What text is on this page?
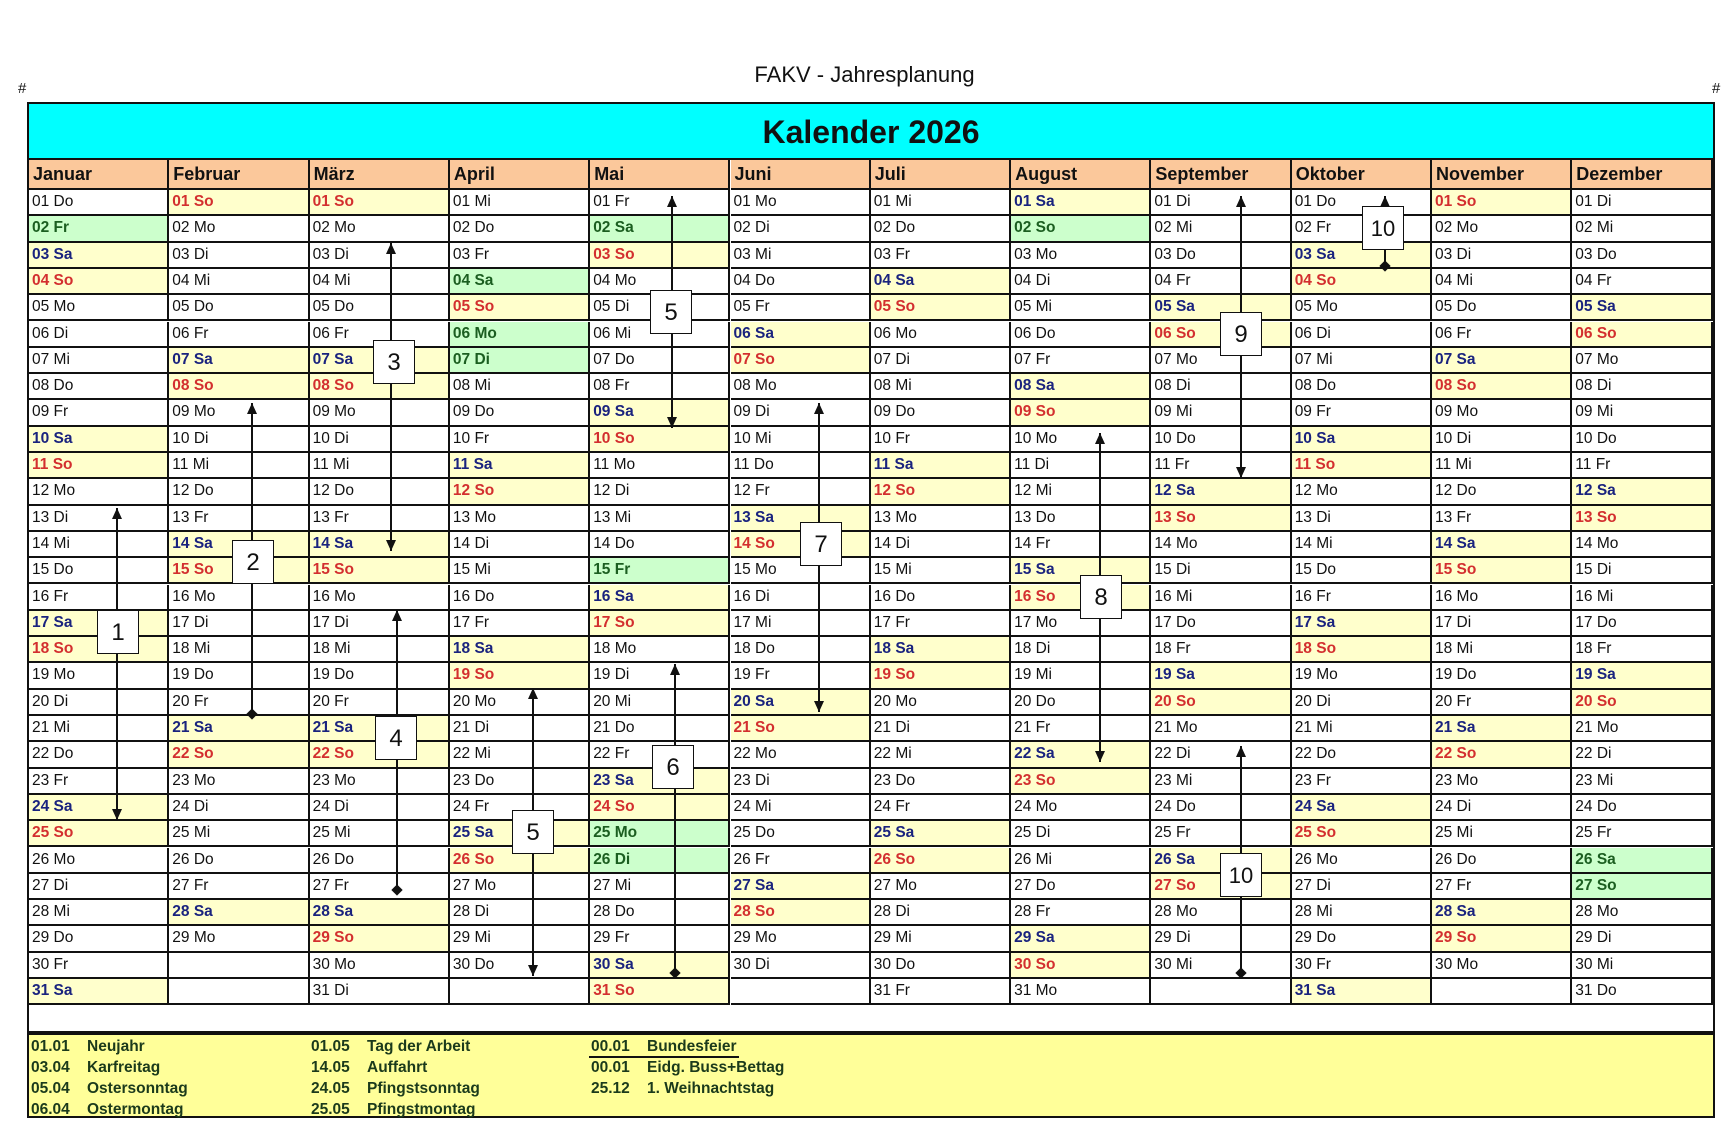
FAKV - Jahresplanung
#	#
Kalender 2026
Januar
01 Do
02 Fr
03 Sa
04 So
05 Mo
06 Di
07 Mi
08 Do
09 Fr
10 Sa
11 So
12 Mo
13 Di
14 Mi
15 Do
16 Fr
17 Sa
18 So
19 Mo
20 Di
21 Mi
22 Do
23 Fr
24 Sa
25 So
26 Mo
27 Di
28 Mi
29 Do
30 Fr
31 Sa
Februar
01 So
02 Mo
03 Di
04 Mi
05 Do
06 Fr
07 Sa
08 So
09 Mo
10 Di
11 Mi
12 Do
13 Fr
14 Sa
15 So
16 Mo
17 Di
18 Mi
19 Do
20 Fr
21 Sa
22 So
23 Mo
24 Di
25 Mi
26 Do
27 Fr
28 Sa
29 Mo
März
01 So
02 Mo
03 Di
04 Mi
05 Do
06 Fr
07 Sa
08 So
09 Mo
10 Di
11 Mi
12 Do
13 Fr
14 Sa
15 So
16 Mo
17 Di
18 Mi
19 Do
20 Fr
21 Sa
22 So
23 Mo
24 Di
25 Mi
26 Do
27 Fr
28 Sa
29 So
30 Mo
31 Di
April
01 Mi
02 Do
03 Fr
04 Sa
05 So
06 Mo
07 Di
08 Mi
09 Do
10 Fr
11 Sa
12 So
13 Mo
14 Di
15 Mi
16 Do
17 Fr
18 Sa
19 So
20 Mo
21 Di
22 Mi
23 Do
24 Fr
25 Sa
26 So
27 Mo
28 Di
29 Mi
30 Do
Mai
01 Fr
02 Sa
03 So
04 Mo
05 Di
06 Mi
07 Do
08 Fr
09 Sa
10 So
11 Mo
12 Di
13 Mi
14 Do
15 Fr
16 Sa
17 So
18 Mo
19 Di
20 Mi
21 Do
22 Fr
23 Sa
24 So
25 Mo
26 Di
27 Mi
28 Do
29 Fr
30 Sa
31 So
Juni
01 Mo
02 Di
03 Mi
04 Do
05 Fr
06 Sa
07 So
08 Mo
09 Di
10 Mi
11 Do
12 Fr
13 Sa
14 So
15 Mo
16 Di
17 Mi
18 Do
19 Fr
20 Sa
21 So
22 Mo
23 Di
24 Mi
25 Do
26 Fr
27 Sa
28 So
29 Mo
30 Di
Juli
01 Mi
02 Do
03 Fr
04 Sa
05 So
06 Mo
07 Di
08 Mi
09 Do
10 Fr
11 Sa
12 So
13 Mo
14 Di
15 Mi
16 Do
17 Fr
18 Sa
19 So
20 Mo
21 Di
22 Mi
23 Do
24 Fr
25 Sa
26 So
27 Mo
28 Di
29 Mi
30 Do
31 Fr
August
01 Sa
02 So
03 Mo
04 Di
05 Mi
06 Do
07 Fr
08 Sa
09 So
10 Mo
11 Di
12 Mi
13 Do
14 Fr
15 Sa
16 So
17 Mo
18 Di
19 Mi
20 Do
21 Fr
22 Sa
23 So
24 Mo
25 Di
26 Mi
27 Do
28 Fr
29 Sa
30 So
31 Mo
September
01 Di
02 Mi
03 Do
04 Fr
05 Sa
06 So
07 Mo
08 Di
09 Mi
10 Do
11 Fr
12 Sa
13 So
14 Mo
15 Di
16 Mi
17 Do
18 Fr
19 Sa
20 So
21 Mo
22 Di
23 Mi
24 Do
25 Fr
26 Sa
27 So
28 Mo
29 Di
30 Mi
Oktober
01 Do
02 Fr
03 Sa
04 So
05 Mo
06 Di
07 Mi
08 Do
09 Fr
10 Sa
11 So
12 Mo
13 Di
14 Mi
15 Do
16 Fr
17 Sa
18 So
19 Mo
20 Di
21 Mi
22 Do
23 Fr
24 Sa
25 So
26 Mo
27 Di
28 Mi
29 Do
30 Fr
31 Sa
November
01 So
02 Mo
03 Di
04 Mi
05 Do
06 Fr
07 Sa
08 So
09 Mo
10 Di
11 Mi
12 Do
13 Fr
14 Sa
15 So
16 Mo
17 Di
18 Mi
19 Do
20 Fr
21 Sa
22 So
23 Mo
24 Di
25 Mi
26 Do
27 Fr
28 Sa
29 So
30 Mo
Dezember
01 Di
02 Mi
03 Do
04 Fr
05 Sa
06 So
07 Mo
08 Di
09 Mi
10 Do
11 Fr
12 Sa
13 So
14 Mo
15 Di
16 Mi
17 Do
18 Fr
19 Sa
20 So
21 Mo
22 Di
23 Mi
24 Do
25 Fr
26 Sa
27 So
28 Mo
29 Di
30 Mi
31 Do
01.01 Neujahr
03.04 Karfreitag
05.04 Ostersonntag
06.04 Ostermontag
01.05 Tag der Arbeit
14.05 Auffahrt
24.05 Pfingstsonntag
25.05 Pfingstmontag
00.01 Bundesfeier
00.01 Eidg. Buss+Bettag
25.12 1. Weihnachtstag
1
2
3
4
5
5
6
7
8
9
10
10
